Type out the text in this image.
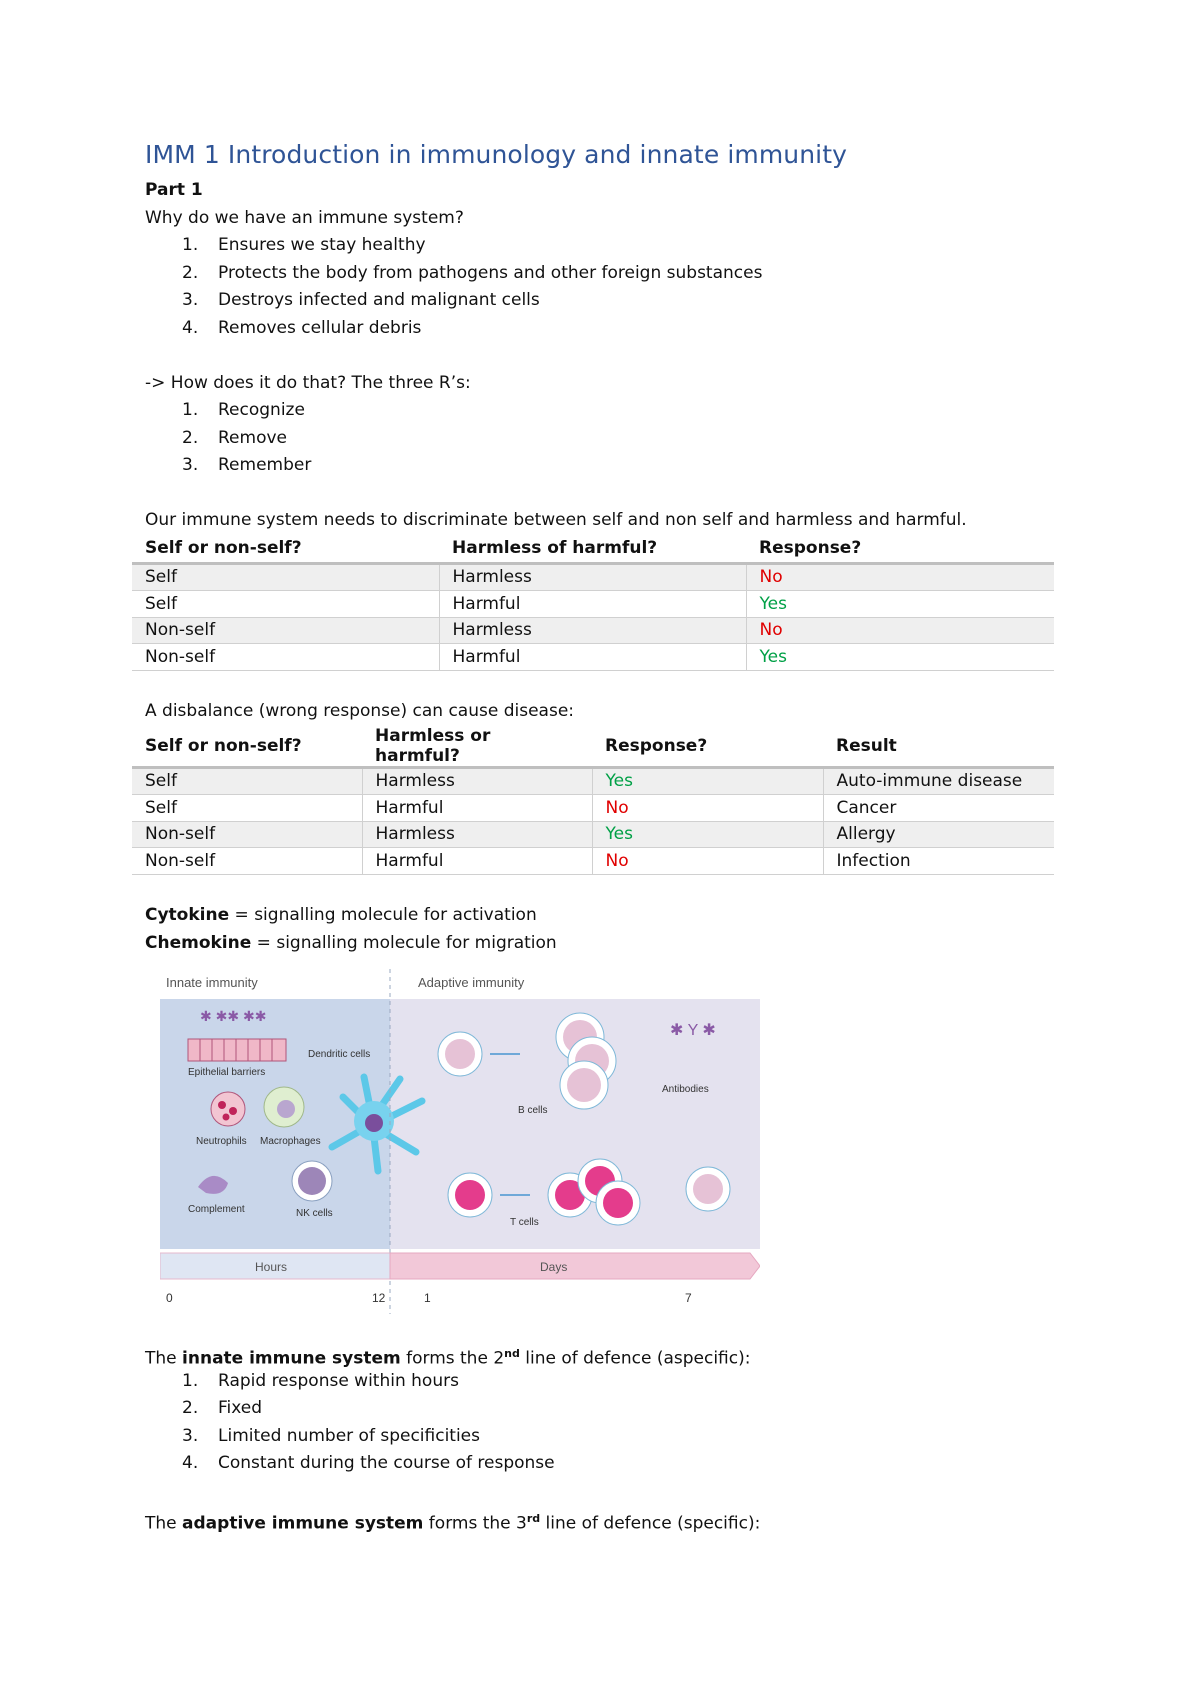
IMM 1 Introduction in immunology and innate immunity
Part 1
Why do we have an immune system?
1.	Ensures we stay healthy
2.	Protects the body from pathogens and other foreign substances
3.	Destroys infected and malignant cells
4.	Removes cellular debris
-> How does it do that? The three R’s:
1.	Recognize
2.	Remove
3.	Remember
Our immune system needs to discriminate between self and non self and harmless and harmful.
Self or non-self?	Harmless of harmful?	Response?
Self	Harmless	No
Self	Harmful	Yes
Non-self	Harmless	No
Non-self	Harmful	Yes
A disbalance (wrong response) can cause disease:
Self or non-self?	Harmless or harmful?	Response?	Result
Self	Harmless	Yes	Auto-immune disease
Self	Harmful	No	Cancer
Non-self	Harmless	Yes	Allergy
Non-self	Harmful	No	Infection
Cytokine = signalling molecule for activation
Chemokine = signalling molecule for migration
Innate immunity	Adaptive immunity
✱ ✱✱ ✱✱
Epithelial barriers
Neutrophils Macrophages
Complement	NK cells
Dendritic cells
B cells
✱ Y ✱
Antibodies
T cells
Hours	Days
0	12	1	7
The innate immune system forms the 2nd line of defence (aspecific):
1.	Rapid response within hours
2.	Fixed
3.	Limited number of specificities
4.	Constant during the course of response
The adaptive immune system forms the 3rd line of defence (specific):
